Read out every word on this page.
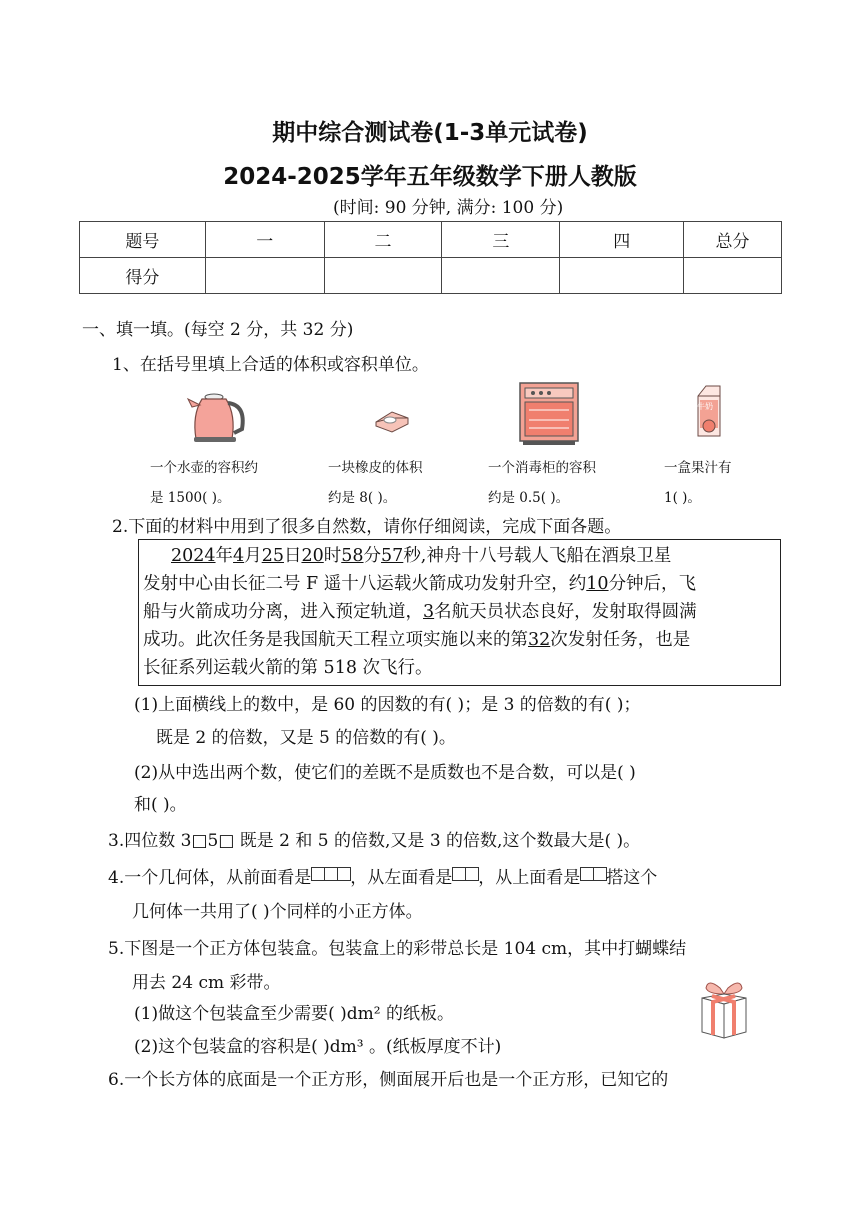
期中综合测试卷(1-3单元试卷)
2024-2025学年五年级数学下册人教版
(时间: 90 分钟, 满分: 100 分)
题号	一	二	三	四	总分
得分					
一、填一填。(每空 2 分，共 32 分)
1、在括号里填上合适的体积或容积单位。
牛奶
一个水壶的容积约
是 1500( )。
一块橡皮的体积
约是 8( )。
一个消毒柜的容积
约是 0.5( )。
一盒果汁有
1( )。
2.下面的材料中用到了很多自然数，请你仔细阅读，完成下面各题。
2024年4月25日20时58分57秒,神舟十八号载人飞船在酒泉卫星
发射中心由长征二号 F 遥十八运载火箭成功发射升空，约10分钟后，飞
船与火箭成功分离，进入预定轨道，3名航天员状态良好，发射取得圆满
成功。此次任务是我国航天工程立项实施以来的第32次发射任务，也是
长征系列运载火箭的第 518 次飞行。
(1)上面横线上的数中，是 60 的因数的有( )；是 3 的倍数的有( )；
既是 2 的倍数，又是 5 的倍数的有( )。
(2)从中选出两个数，使它们的差既不是质数也不是合数，可以是( )
和( )。
3.四位数 3□5□ 既是 2 和 5 的倍数,又是 3 的倍数,这个数最大是( )。
4.一个几何体，从前面看是 ，从左面看是 ，从上面看是 搭这个
几何体一共用了( )个同样的小正方体。
5.下图是一个正方体包装盒。包装盒上的彩带总长是 104 cm，其中打蝴蝶结
用去 24 cm 彩带。
(1)做这个包装盒至少需要( )dm² 的纸板。
(2)这个包装盒的容积是( )dm³ 。(纸板厚度不计)
6.一个长方体的底面是一个正方形，侧面展开后也是一个正方形，已知它的
